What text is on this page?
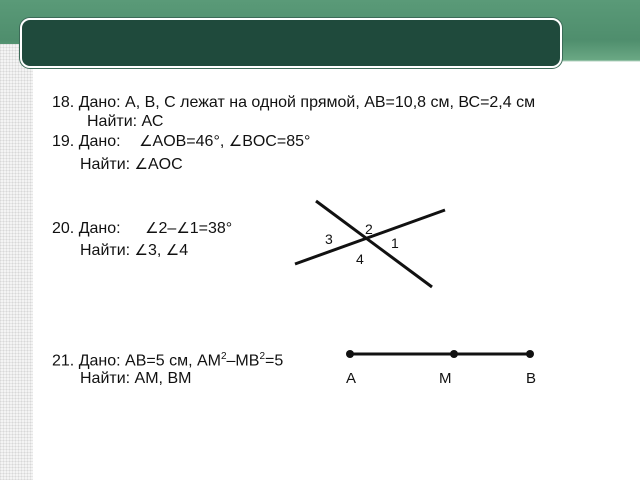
18. Дано: А, В, С лежат на одной прямой, АВ=10,8 см, ВС=2,4 см
Найти: АС
19. Дано: ∠AOB=46°, ∠BOC=85°
Найти: ∠AOC
20. Дано: ∠2–∠1=38°
Найти: ∠3, ∠4
21. Дано: АВ=5 см, $АМ^2-МВ^2=5$
Найти: АМ, ВМ
2
3	1
4
A	M	B
